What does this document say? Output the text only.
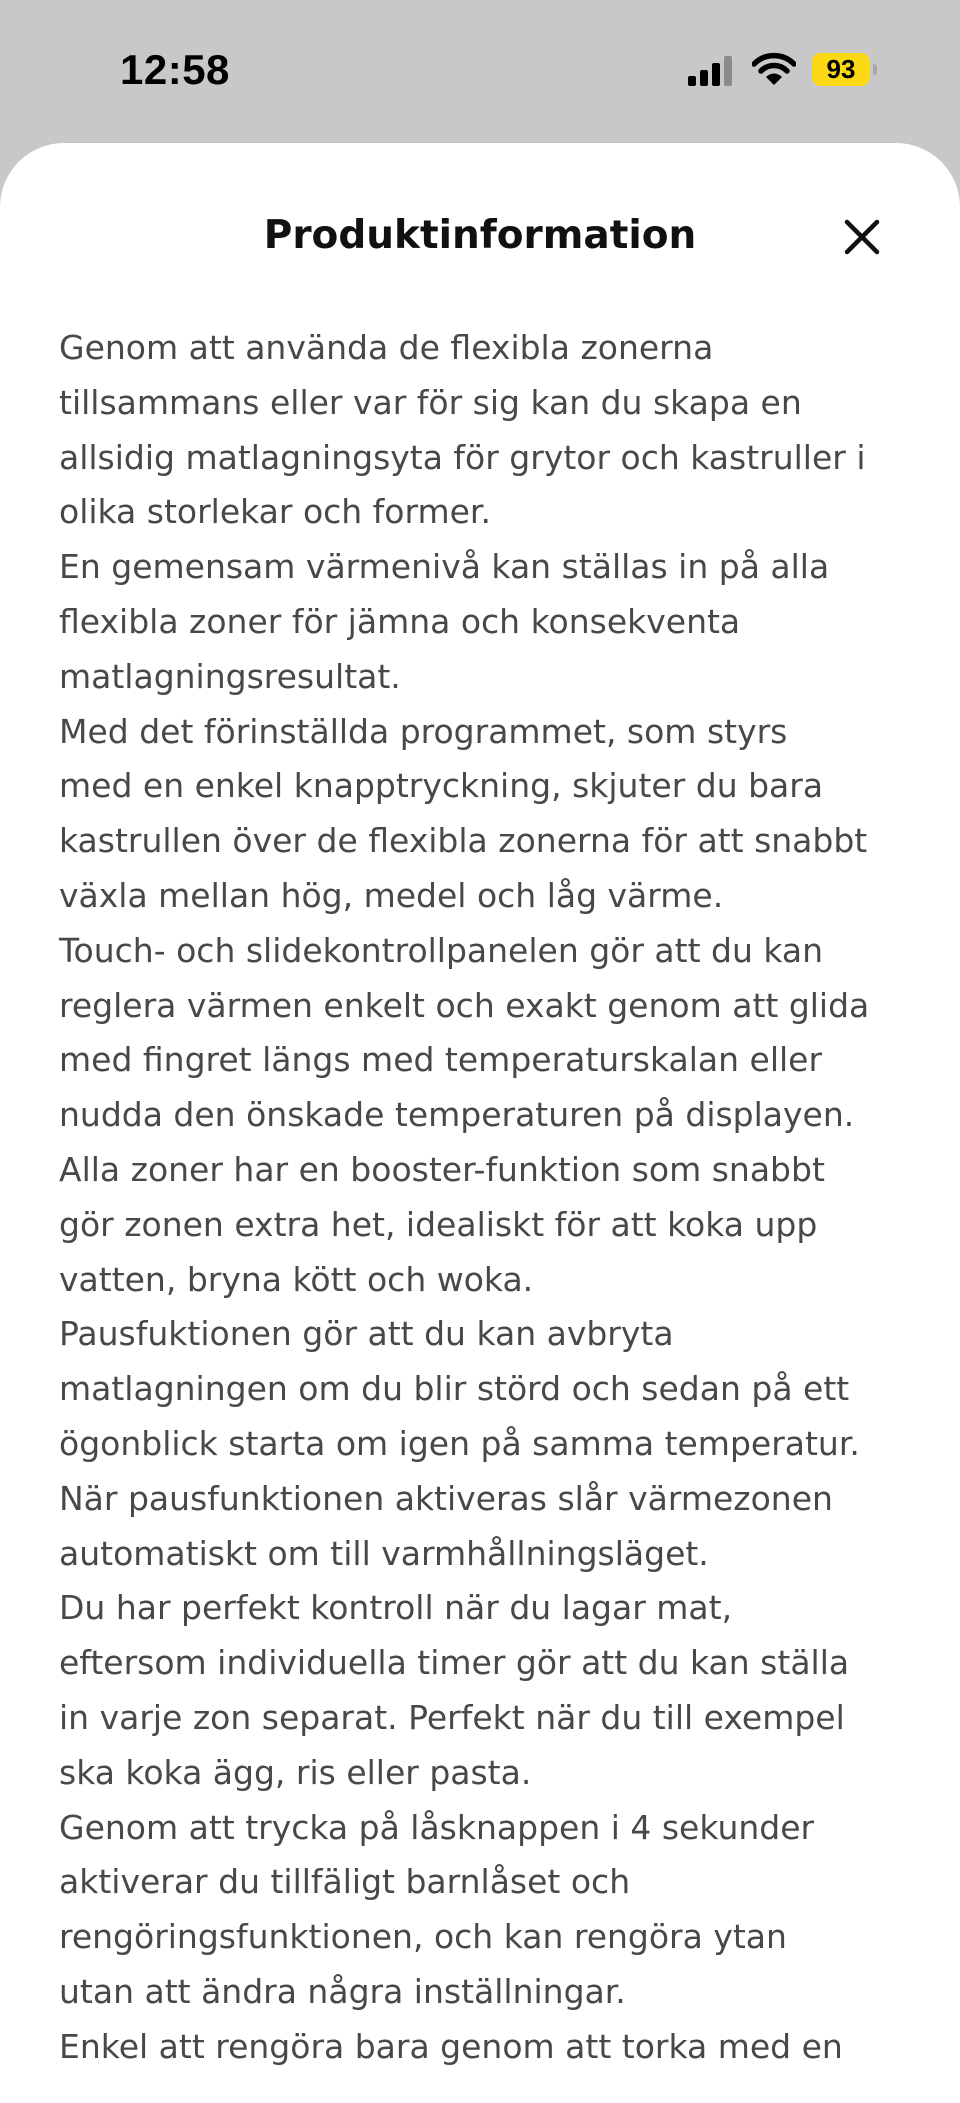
12:58	93
Produktinformation

Genom att använda de flexibla zonerna
tillsammans eller var för sig kan du skapa en
allsidig matlagningsyta för grytor och kastruller i
olika storlekar och former.

En gemensam värmenivå kan ställas in på alla
flexibla zoner för jämna och konsekventa
matlagningsresultat.

Med det förinställda programmet, som styrs
med en enkel knapptryckning, skjuter du bara
kastrullen över de flexibla zonerna för att snabbt
växla mellan hög, medel och låg värme.

Touch- och slidekontrollpanelen gör att du kan
reglera värmen enkelt och exakt genom att glida
med fingret längs med temperaturskalan eller
nudda den önskade temperaturen på displayen.

Alla zoner har en booster-funktion som snabbt
gör zonen extra het, idealiskt för att koka upp
vatten, bryna kött och woka.

Pausfuktionen gör att du kan avbryta
matlagningen om du blir störd och sedan på ett
ögonblick starta om igen på samma temperatur.

När pausfunktionen aktiveras slår värmezonen
automatiskt om till varmhållningsläget.

Du har perfekt kontroll när du lagar mat,
eftersom individuella timer gör att du kan ställa
in varje zon separat. Perfekt när du till exempel
ska koka ägg, ris eller pasta.

Genom att trycka på låsknappen i 4 sekunder
aktiverar du tillfäligt barnlåset och
rengöringsfunktionen, och kan rengöra ytan
utan att ändra några inställningar.

Enkel att rengöra bara genom att torka med en
